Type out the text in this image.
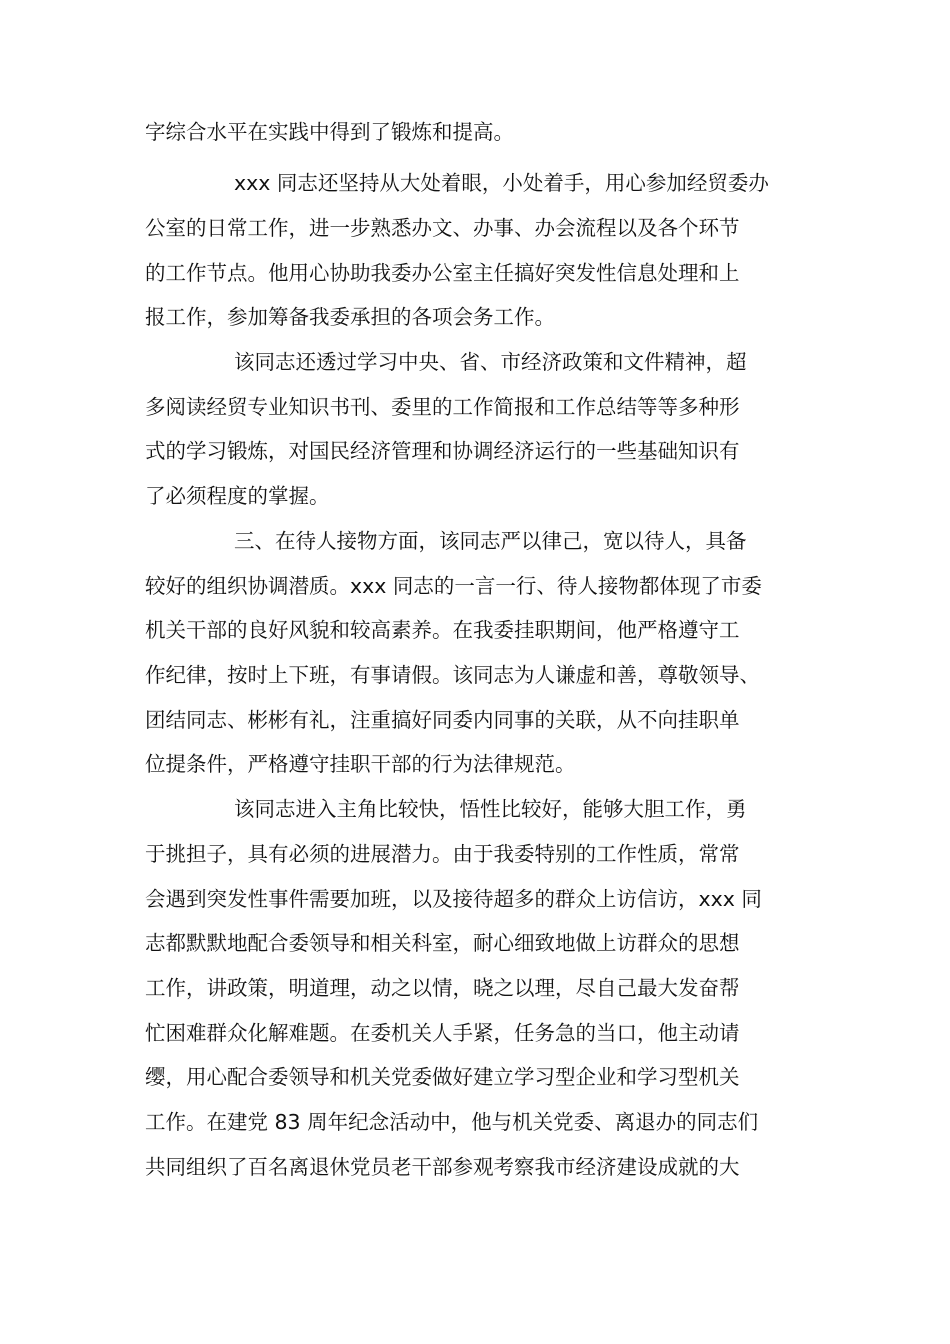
字综合水平在实践中得到了锻炼和提高。

xxx 同志还坚持从大处着眼，小处着手，用心参加经贸委办

公室的日常工作，进一步熟悉办文、办事、办会流程以及各个环节

的工作节点。他用心协助我委办公室主任搞好突发性信息处理和上

报工作，参加筹备我委承担的各项会务工作。

该同志还透过学习中央、省、市经济政策和文件精神，超

多阅读经贸专业知识书刊、委里的工作简报和工作总结等等多种形

式的学习锻炼，对国民经济管理和协调经济运行的一些基础知识有

了必须程度的掌握。

三、在待人接物方面，该同志严以律己，宽以待人，具备

较好的组织协调潜质。xxx 同志的一言一行、待人接物都体现了市委

机关干部的良好风貌和较高素养。在我委挂职期间，他严格遵守工

作纪律，按时上下班，有事请假。该同志为人谦虚和善，尊敬领导、

团结同志、彬彬有礼，注重搞好同委内同事的关联，从不向挂职单

位提条件，严格遵守挂职干部的行为法律规范。

该同志进入主角比较快，悟性比较好，能够大胆工作，勇

于挑担子，具有必须的进展潜力。由于我委特别的工作性质，常常

会遇到突发性事件需要加班，以及接待超多的群众上访信访，xxx 同

志都默默地配合委领导和相关科室，耐心细致地做上访群众的思想

工作，讲政策，明道理，动之以情，晓之以理，尽自己最大发奋帮

忙困难群众化解难题。在委机关人手紧，任务急的当口，他主动请

缨，用心配合委领导和机关党委做好建立学习型企业和学习型机关

工作。在建党 83 周年纪念活动中，他与机关党委、离退办的同志们

共同组织了百名离退休党员老干部参观考察我市经济建设成就的大
